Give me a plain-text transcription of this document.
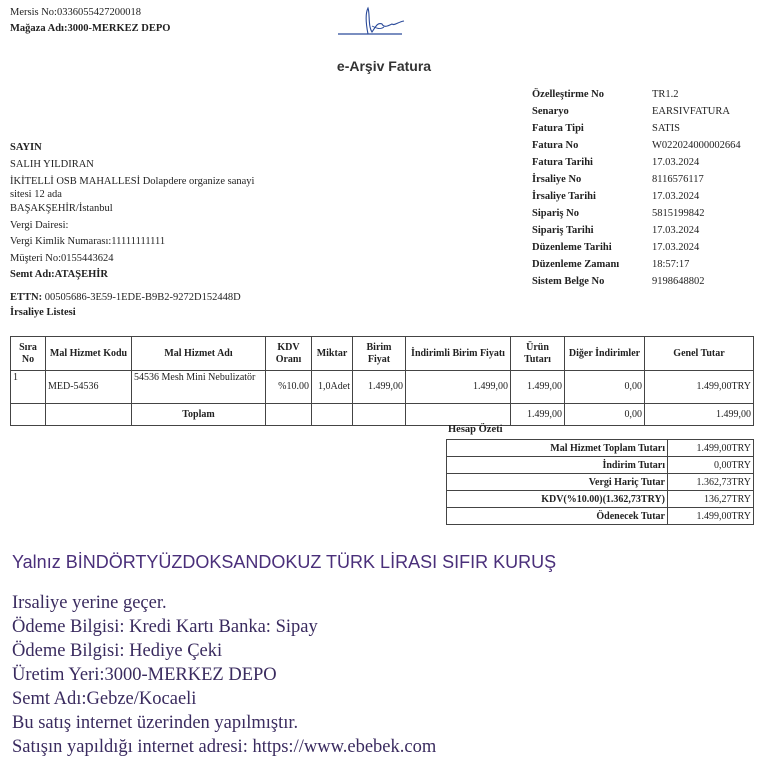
Mersis No:0336055427200018
Mağaza Adı:3000-MERKEZ DEPO
e-Arşiv Fatura
Özelleştirme No	TR1.2
Senaryo	EARSIVFATURA
Fatura Tipi	SATIS
Fatura No	W022024000002664
Fatura Tarihi	17.03.2024
İrsaliye No	8116576117
İrsaliye Tarihi	17.03.2024
Sipariş No	5815199842
Sipariş Tarihi	17.03.2024
Düzenleme Tarihi	17.03.2024
Düzenleme Zamanı	18:57:17
Sistem Belge No	9198648802
SAYIN
SALIH YILDIRAN
İKİTELLİ OSB MAHALLESİ Dolapdere organize sanayi
sitesi 12 ada
BAŞAKŞEHİR/İstanbul
Vergi Dairesi:
Vergi Kimlik Numarası:11111111111
Müşteri No:0155443624
Semt Adı:ATAŞEHİR
ETTN: 00505686-3E59-1EDE-B9B2-9272D152448D
İrsaliye Listesi
Sıra No	Mal Hizmet Kodu	Mal Hizmet Adı	KDV Oranı	Miktar	Birim Fiyat	İndirimli Birim Fiyatı	Ürün Tutarı	Diğer İndirimler	Genel Tutar
1	MED-54536	54536 Mesh Mini Nebulizatör	%10.00	1,0Adet	1.499,00	1.499,00	1.499,00	0,00	1.499,00TRY
		Toplam					1.499,00	0,00	1.499,00
Hesap Özeti
Mal Hizmet Toplam Tutarı	1.499,00TRY
İndirim Tutarı	0,00TRY
Vergi Hariç Tutar	1.362,73TRY
KDV(%10.00)(1.362,73TRY)	136,27TRY
Ödenecek Tutar	1.499,00TRY
Yalnız BİNDÖRTYÜZDOKSANDOKUZ TÜRK LİRASI SIFIR KURUŞ
Irsaliye yerine geçer.
Ödeme Bilgisi: Kredi Kartı Banka: Sipay
Ödeme Bilgisi: Hediye Çeki
Üretim Yeri:3000-MERKEZ DEPO
Semt Adı:Gebze/Kocaeli
Bu satış internet üzerinden yapılmıştır.
Satışın yapıldığı internet adresi: https://www.ebebek.com
